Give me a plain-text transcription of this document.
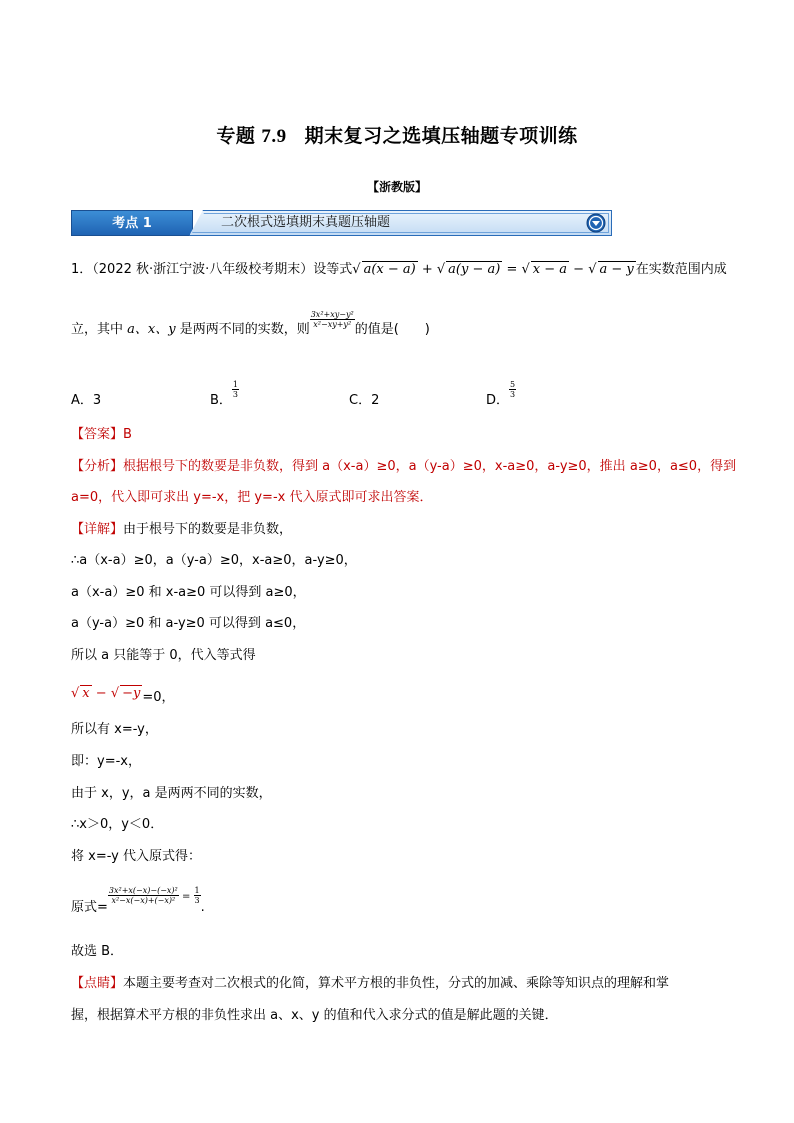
专题 7.9 期末复习之选填压轴题专项训练
【浙教版】
考点 1	二次根式选填期末真题压轴题
1．（2022 秋·浙江宁波·八年级校考期末）设等式√ a(x − a) + √ a(y − a) = √ x − a − √ a − y 在实数范围内成
立，其中 a、x、y 是两两不同的实数，则
$\frac{\text{3x²+xy−y²}}{\text{x²−xy+y²}}$
的值是(　　)
A．3	B．
$\frac{1}{3}$
C．2	D．
$\frac{5}{3}$
【答案】B
【分析】根据根号下的数要是非负数，得到 a（x-a）≥0，a（y-a）≥0，x-a≥0，a-y≥0，推出 a≥0，a≤0，得到
a=0，代入即可求出 y=-x，把 y=-x 代入原式即可求出答案．
【详解】由于根号下的数要是非负数，
∴a（x-a）≥0，a（y-a）≥0，x-a≥0，a-y≥0，
a（x-a）≥0 和 x-a≥0 可以得到 a≥0，
a（y-a）≥0 和 a-y≥0 可以得到 a≤0，
所以 a 只能等于 0，代入等式得
√ x − √ −y =0，
所以有 x=-y，
即：y=-x，
由于 x，y，a 是两两不同的实数，
∴x＞0，y＜0．
将 x=-y 代入原式得：
原式=
$\frac{\text{3x²+x(−x)−(−x)²}}{\text{x²−x(−x)+(−x)²}} = \frac{1}{3}$
.
故选 B．
【点睛】本题主要考查对二次根式的化简，算术平方根的非负性，分式的加减、乘除等知识点的理解和掌
握，根据算术平方根的非负性求出 a、x、y 的值和代入求分式的值是解此题的关键．
